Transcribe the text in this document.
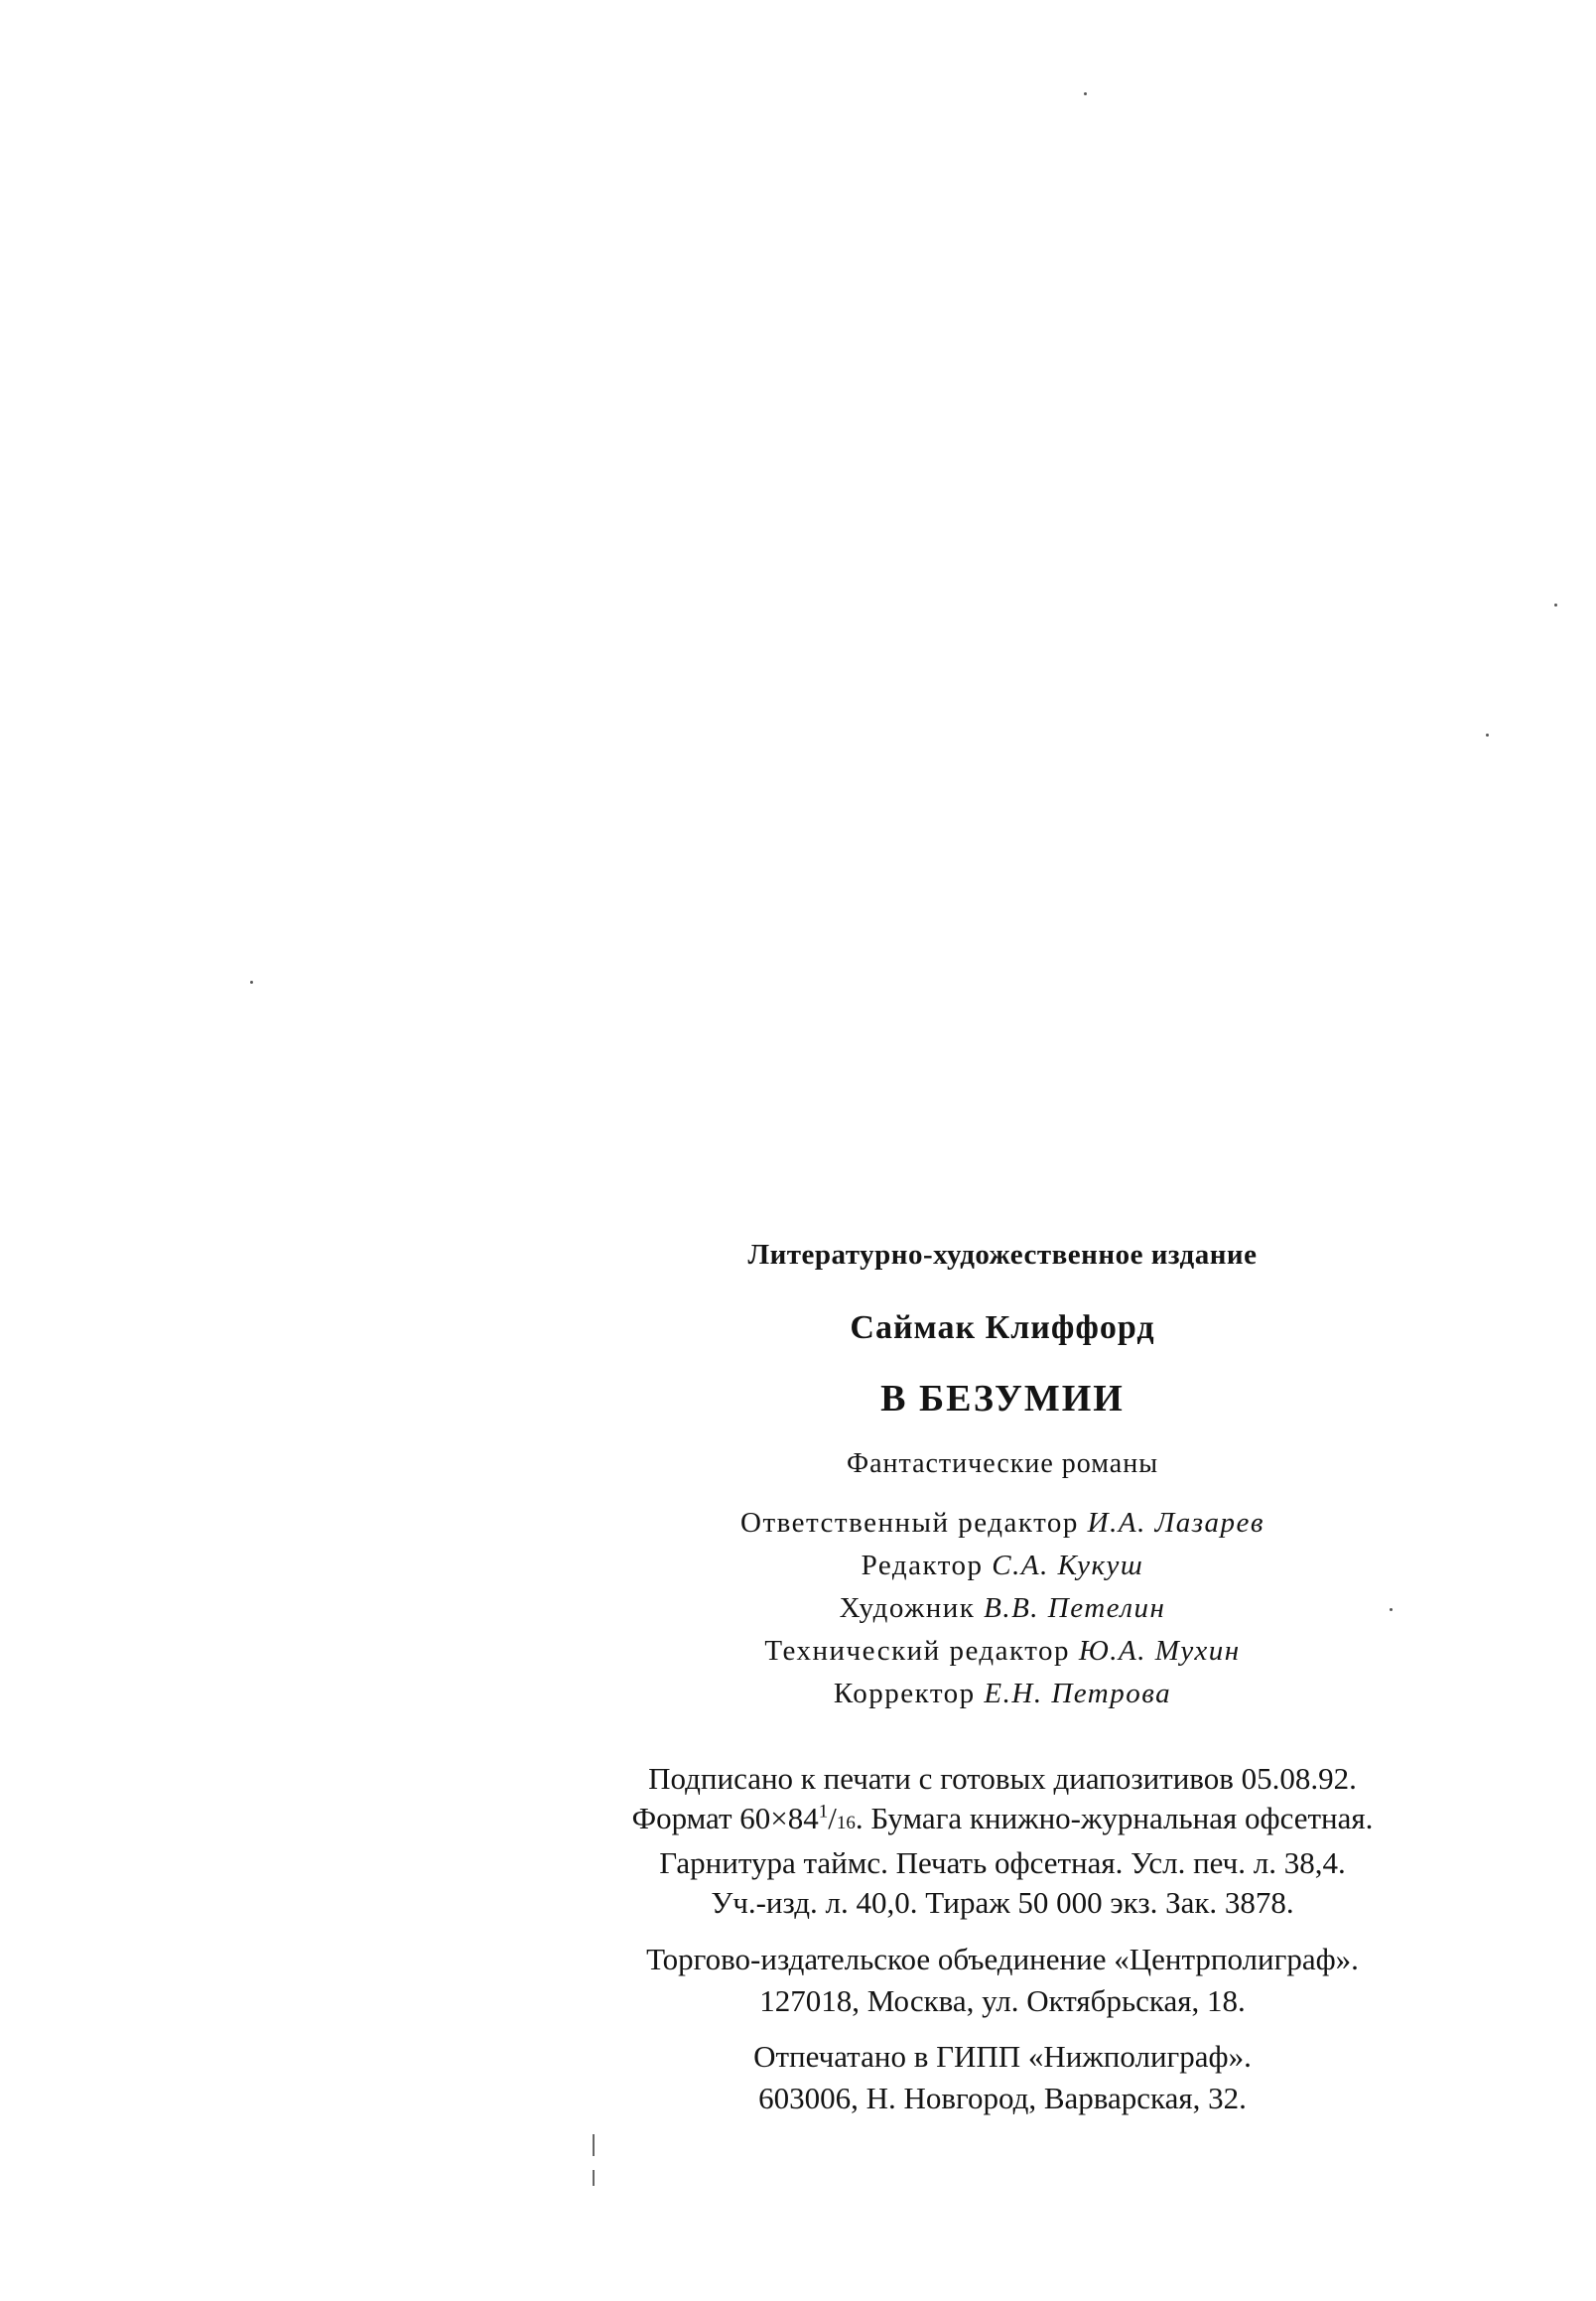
Литературно-художественное издание
Саймак Клиффорд
В БЕЗУМИИ
Фантастические романы
Ответственный редактор И.А. Лазарев
Редактор С.А. Кукуш
Художник В.В. Петелин
Технический редактор Ю.А. Мухин
Корректор Е.Н. Петрова
Подписано к печати с готовых диапозитивов 05.08.92.
Формат $60\times 84^1/16$. Бумага книжно-журнальная офсетная.
Гарнитура таймс. Печать офсетная. Усл. печ. л. 38,4.
Уч.-изд. л. 40,0. Тираж 50 000 экз. Зак. 3878.
Торгово-издательское объединение «Центрполиграф».
127018, Москва, ул. Октябрьская, 18.
Отпечатано в ГИПП «Нижполиграф».
603006, Н. Новгород, Варварская, 32.
